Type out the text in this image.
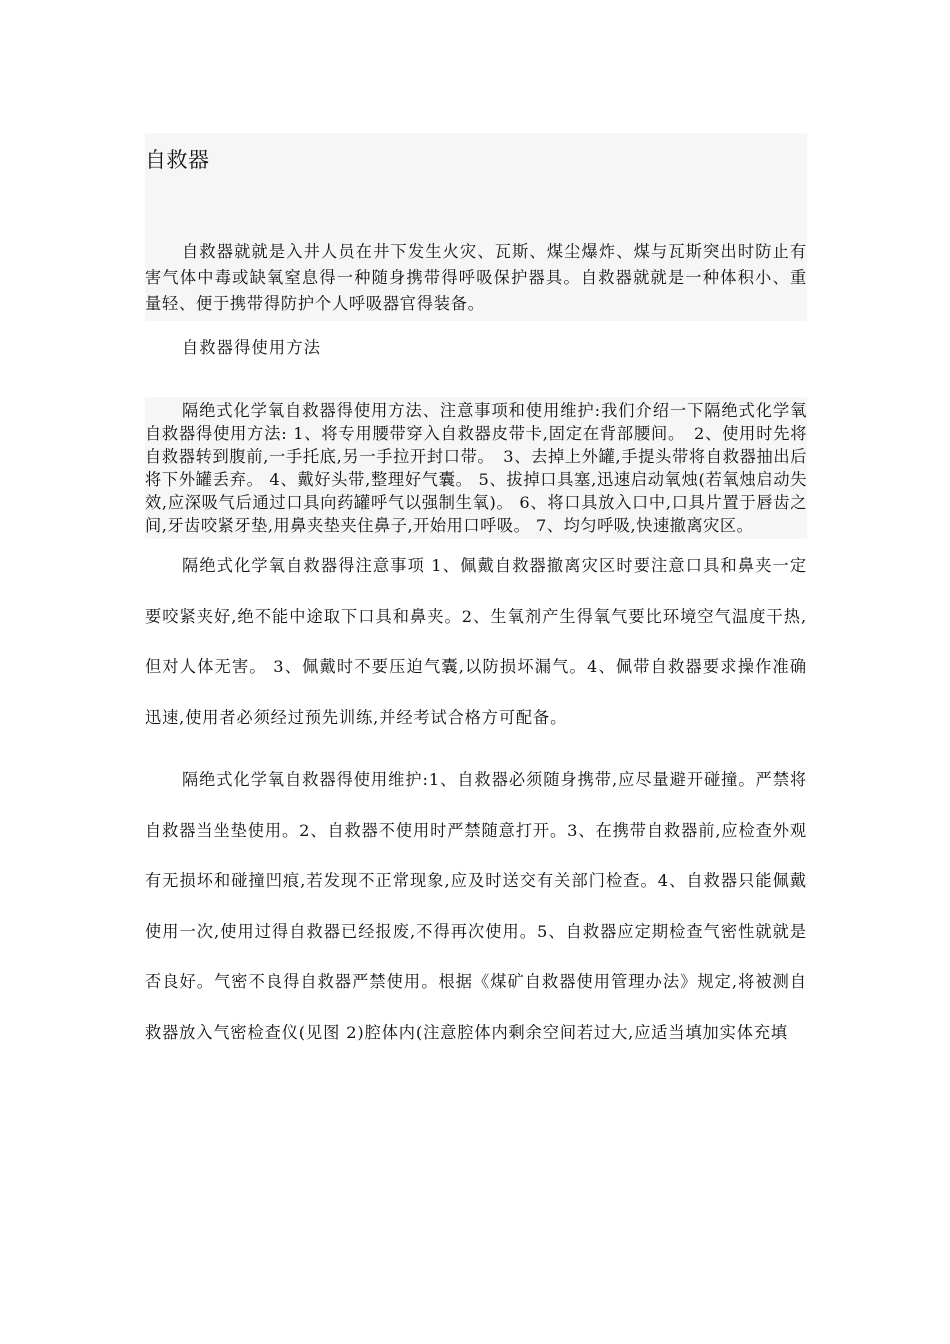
自救器

自救器就就是入井人员在井下发生火灾、瓦斯、煤尘爆炸、煤与瓦斯突出时防止有害气体中毒或缺氧窒息得一种随身携带得呼吸保护器具。自救器就就是一种体积小、重量轻、便于携带得防护个人呼吸器官得装备。

自救器得使用方法

隔绝式化学氧自救器得使用方法、注意事项和使用维护:我们介绍一下隔绝式化学氧自救器得使用方法: 1、将专用腰带穿入自救器皮带卡,固定在背部腰间。　2、使用时先将自救器转到腹前,一手托底,另一手拉开封口带。　3、去掉上外罐,手提头带将自救器抽出后将下外罐丢弃。 4、戴好头带,整理好气囊。 5、拔掉口具塞,迅速启动氧烛(若氧烛启动失效,应深吸气后通过口具向药罐呼气以强制生氧)。 6、将口具放入口中,口具片置于唇齿之间,牙齿咬紧牙垫,用鼻夹垫夹住鼻子,开始用口呼吸。 7、均匀呼吸,快速撤离灾区。

隔绝式化学氧自救器得注意事项 1、佩戴自救器撤离灾区时要注意口具和鼻夹一定要咬紧夹好,绝不能中途取下口具和鼻夹。2、生氧剂产生得氧气要比环境空气温度干热,但对人体无害。 3、佩戴时不要压迫气囊,以防损坏漏气。4、佩带自救器要求操作准确迅速,使用者必须经过预先训练,并经考试合格方可配备。

隔绝式化学氧自救器得使用维护:1、自救器必须随身携带,应尽量避开碰撞。严禁将自救器当坐垫使用。2、自救器不使用时严禁随意打开。3、在携带自救器前,应检查外观有无损坏和碰撞凹痕,若发现不正常现象,应及时送交有关部门检查。4、自救器只能佩戴使用一次,使用过得自救器已经报废,不得再次使用。5、自救器应定期检查气密性就就是否良好。气密不良得自救器严禁使用。根据《煤矿自救器使用管理办法》规定,将被测自救器放入气密检查仪(见图 2)腔体内(注意腔体内剩余空间若过大,应适当填加实体充填
